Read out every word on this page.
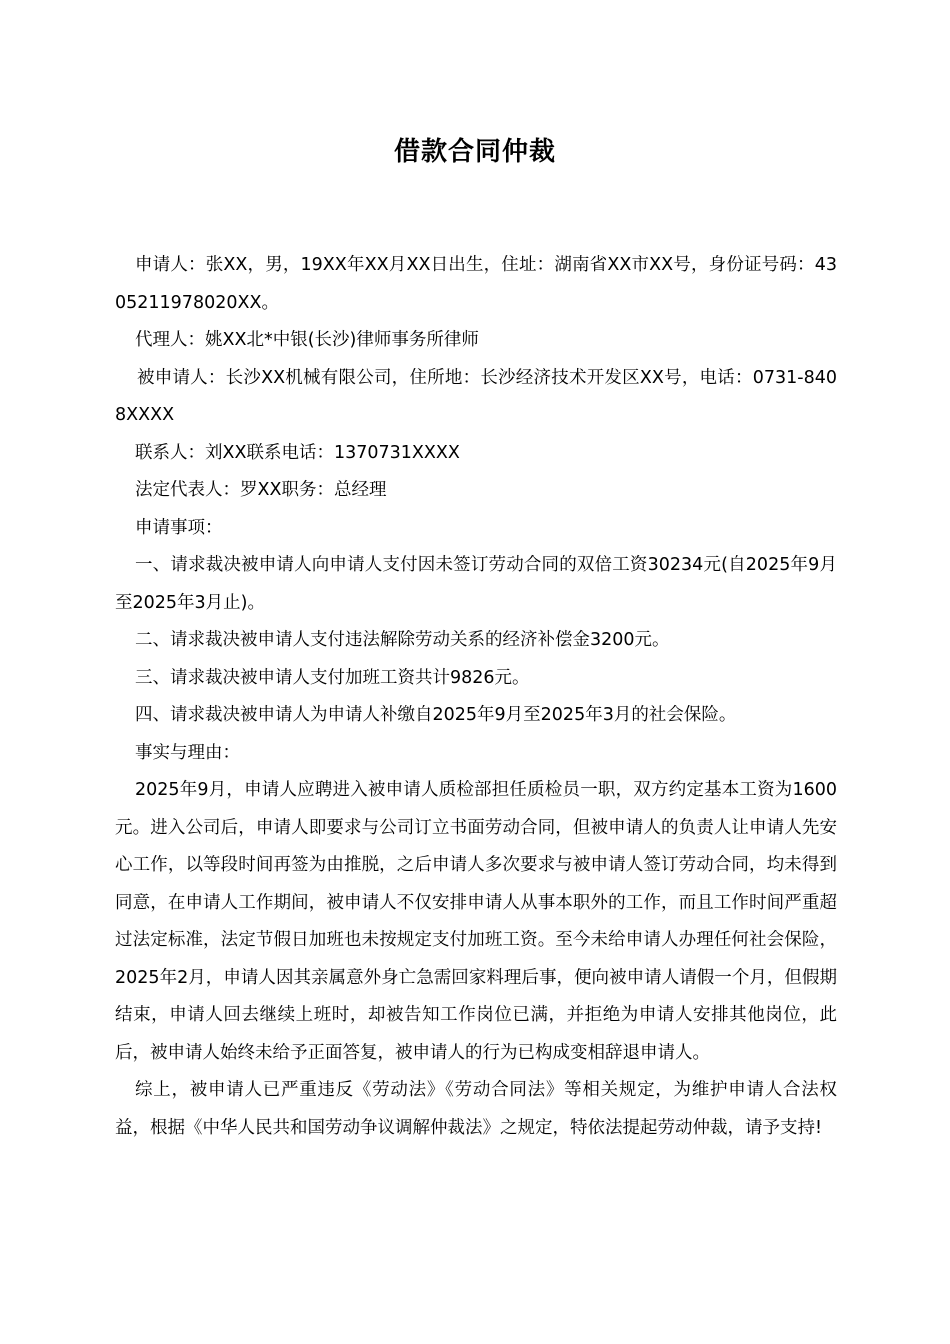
借款合同仲裁

申请人：张XX，男，19XX年XX月XX日出生，住址：湖南省XX市XX号，身份证号码：4305211978020XX。

代理人：姚XX北*中银(长沙)律师事务所律师

被申请人：长沙XX机械有限公司，住所地：长沙经济技术开发区XX号，电话：0731-8408XXXX

联系人：刘XX联系电话：1370731XXXX

法定代表人：罗XX职务：总经理

申请事项：

一、请求裁决被申请人向申请人支付因未签订劳动合同的双倍工资30234元(自2025年9月至2025年3月止)。

二、请求裁决被申请人支付违法解除劳动关系的经济补偿金3200元。

三、请求裁决被申请人支付加班工资共计9826元。

四、请求裁决被申请人为申请人补缴自2025年9月至2025年3月的社会保险。

事实与理由：

2025年9月，申请人应聘进入被申请人质检部担任质检员一职，双方约定基本工资为1600元。进入公司后，申请人即要求与公司订立书面劳动合同，但被申请人的负责人让申请人先安心工作，以等段时间再签为由推脱，之后申请人多次要求与被申请人签订劳动合同，均未得到同意，在申请人工作期间，被申请人不仅安排申请人从事本职外的工作，而且工作时间严重超过法定标准，法定节假日加班也未按规定支付加班工资。至今未给申请人办理任何社会保险，2025年2月，申请人因其亲属意外身亡急需回家料理后事，便向被申请人请假一个月，但假期结束，申请人回去继续上班时，却被告知工作岗位已满，并拒绝为申请人安排其他岗位，此后，被申请人始终未给予正面答复，被申请人的行为已构成变相辞退申请人。

综上，被申请人已严重违反《劳动法》《劳动合同法》等相关规定，为维护申请人合法权益，根据《中华人民共和国劳动争议调解仲裁法》之规定，特依法提起劳动仲裁，请予支持!
